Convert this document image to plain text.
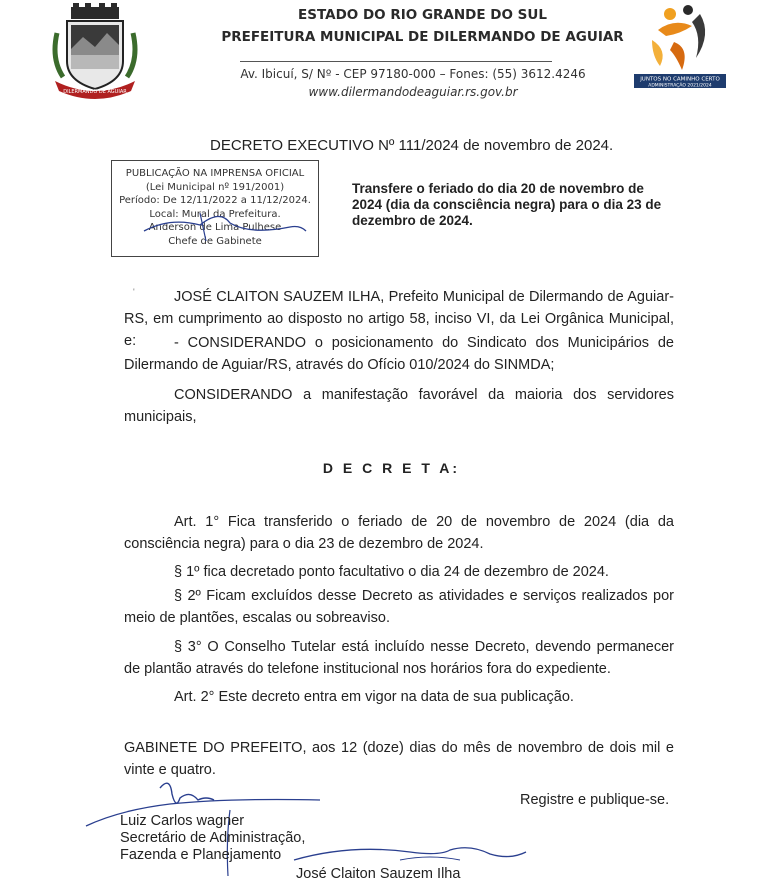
DILERMANDO DE AGUIAR
ESTADO DO RIO GRANDE DO SUL
PREFEITURA MUNICIPAL DE DILERMANDO DE AGUIAR
Av. Ibicuí, S/ Nº - CEP 97180-000 – Fones: (55) 3612.4246
www.dilermandodeaguiar.rs.gov.br
JUNTOS NO CAMINHO CERTO
ADMINISTRAÇÃO 2021/2024
DECRETO EXECUTIVO Nº 111/2024 de novembro de 2024.
PUBLICAÇÃO NA IMPRENSA OFICIAL
(Lei Municipal nº 191/2001)
Período: De 12/11/2022 a 11/12/2024.
Local: Mural da Prefeitura.
Anderson de Lima Pulhese
Chefe de Gabinete
Transfere o feriado do dia 20 de novembro de 2024 (dia da consciência negra) para o dia 23 de dezembro de 2024.
'	JOSÉ CLAITON SAUZEM ILHA, Prefeito Municipal de Dilermando de Aguiar-RS, em cumprimento ao disposto no artigo 58, inciso VI, da Lei Orgânica Municipal, e:	- CONSIDERANDO o posicionamento do Sindicato dos Municipários de Dilermando de Aguiar/RS, através do Ofício 010/2024 do SINMDA;
CONSIDERANDO a manifestação favorável da maioria dos servidores municipais,
D E C R E T A:
Art. 1° Fica transferido o feriado de 20 de novembro de 2024 (dia da consciência negra) para o dia 23 de dezembro de 2024.
§ 1º fica decretado ponto facultativo o dia 24 de dezembro de 2024.
§ 2º Ficam excluídos desse Decreto as atividades e serviços realizados por meio de plantões, escalas ou sobreaviso.
§ 3° O Conselho Tutelar está incluído nesse Decreto, devendo permanecer de plantão através do telefone institucional nos horários fora do expediente.
Art. 2° Este decreto entra em vigor na data de sua publicação.
GABINETE DO PREFEITO, aos 12 (doze) dias do mês de novembro de dois mil e vinte e quatro.
Registre e publique-se.
Luiz Carlos wagner
Secretário de Administração,
Fazenda e Planejamento
José Claiton Sauzem Ilha
